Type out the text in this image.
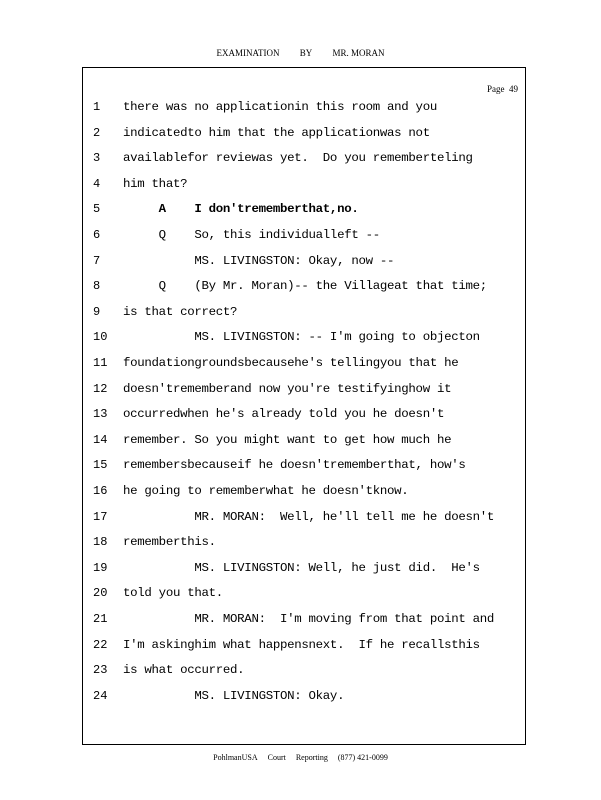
EXAMINATION BY MR. MORAN
Page 49
1	there was no applicationin this room and you
2	indicatedto him that the applicationwas not
3	availablefor reviewas yet.  Do you rememberteling
4	him that?
5	A    I don'trememberthat,no.
6	Q    So, this individualleft --
7	MS. LIVINGSTON: Okay, now --
8	Q    (By Mr. Moran)-- the Villageat that time;
9	is that correct?
10 MS. LIVINGSTON: -- I'm going to objecton
11 foundationgroundsbecausehe's tellingyou that he
12 doesn'trememberand now you're testifyinghow it
13 occurredwhen he's already told you he doesn't
14 remember. So you might want to get how much he
15 remembersbecauseif he doesn'trememberthat, how's
16 he going to rememberwhat he doesn'tknow.
17 MR. MORAN:  Well, he'll tell me he doesn't
18 rememberthis.
19 MS. LIVINGSTON: Well, he just did.  He's
20 told you that.
21 MR. MORAN:  I'm moving from that point and
22 I'm askinghim what happensnext.  If he recallsthis
23 is what occurred.
24 MS. LIVINGSTON: Okay.
PohlmanUSA Court Reporting (877) 421-0099
